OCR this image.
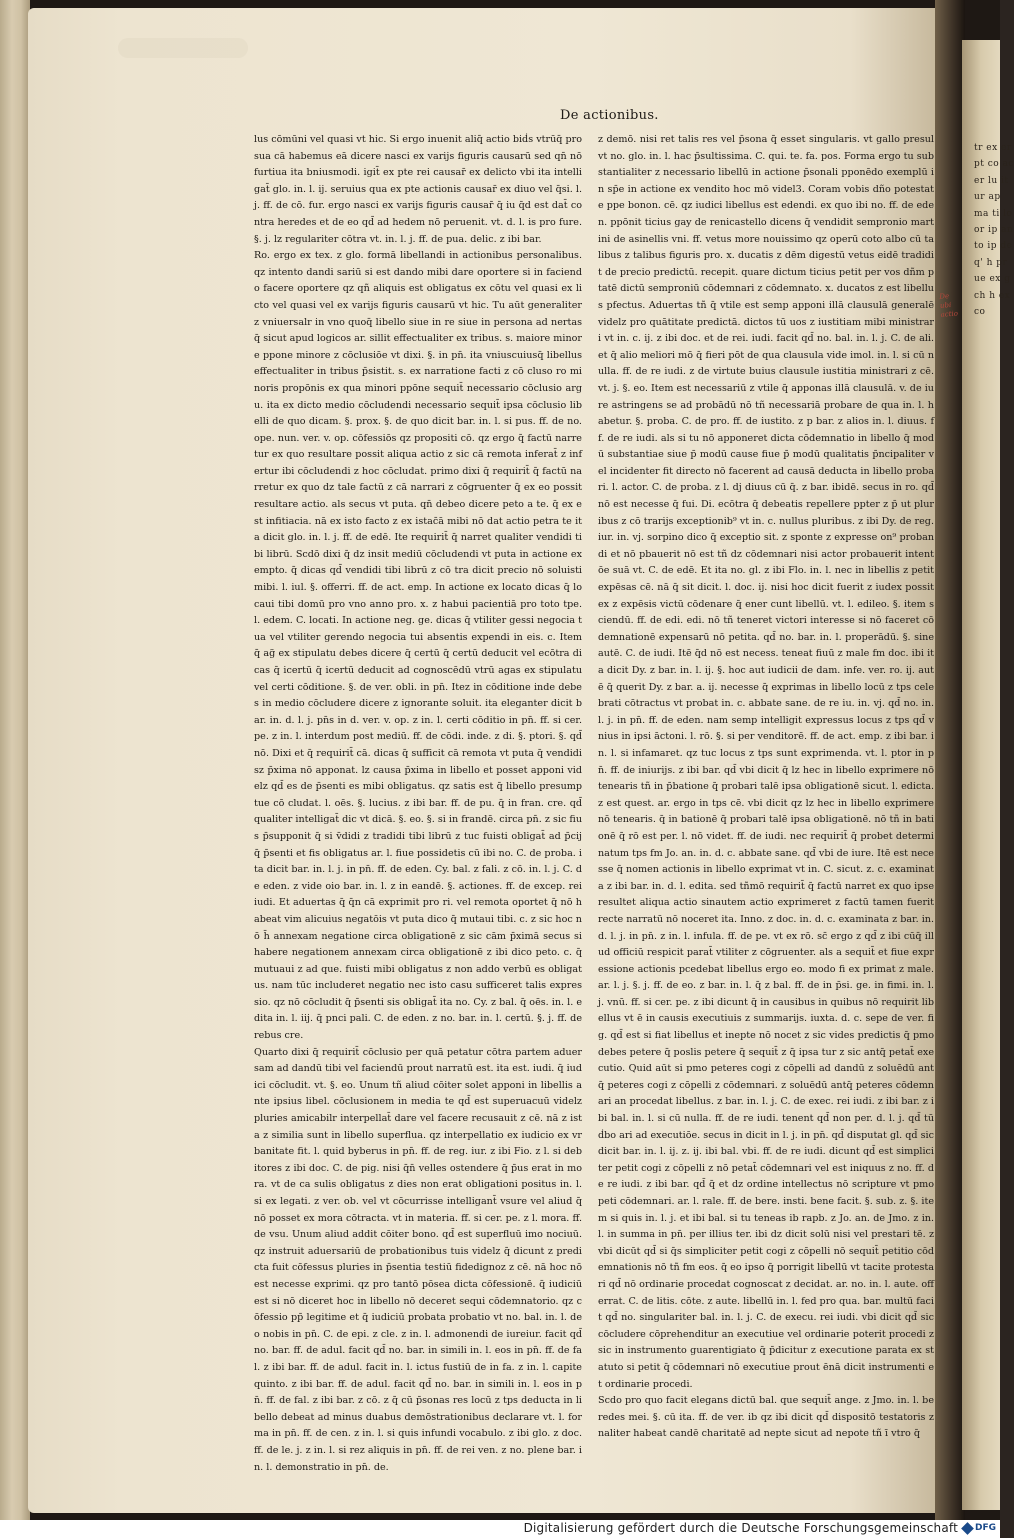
tr ex er pt co ac er lu it ur ap ma ti lo or ip an to ip de q' h pr ue ex g ch h ex co
De actionibus.

lus cōmūni vel quasi vt hic. Si ergo inuenit aliq̄ actio biḋs vtrūq̄ pro sua cā habemus eā dicere nasci ex varijs figuris causarū sed qn̄ nō furtiua ita bniusmodi. igit̄ ex pte rei causar̄ ex delicto vbi ita intelligat̄ glo. in. l. ij. seruius qua ex pte actionis causar̄ ex diuo vel q̄si. l. j. ff. de cō. fur. ergo nasci ex varijs figuris causar̄ q̄ iu q̄d est dat̄ contra heredes et de eo qd̄ ad hedem nō peruenit. vt. d. l. is pro fure. §. j. lz regulariter cōtra vt. in. l. j. ff. de pua. delic. z ibi bar.

Ro. ergo ex tex. z glo. formā libellandi in actionibus personalibus. qz intento dandi sariū si est dando mibi dare oportere si in faciendo facere oportere qz qñ aliquis est obligatus ex cōtu vel quasi ex licto vel quasi vel ex varijs figuris causarū vt hic. Tu aūt generaliter z vniuersalr in vno quoq̄ libello siue in re siue in persona ad nertas q̄ sicut apud logicos ar. sillit effectualiter ex tribus. s. maiore minore ppone minore z cōclusiōe vt dixi. §. in pn̄. ita vniuscuiusq̄ libellus effectualiter in tribus p̄sistit. s. ex narratione facti z cō cluso ro minoris propōnis ex qua minori ppōne sequit̄ necessario cōclusio argu. ita ex dicto medio cōcludendi necessario sequit̄ ipsa cōclusio libelli de quo dicam. §. prox. §. de quo dicit bar. in. l. si pus. ff. de no. ope. nun. ver. v. op. cōfessiōs qz propositi cō. qz ergo q̄ factū narretur ex quo resultare possit aliqua actio z sic cā remota inferat̄ z infertur ibi cōcludendi z hoc cōcludat. primo dixi q̄ requirit̄ q̄ factū narretur ex quo dz tale factū z cā narrari z cōgruenter q̄ ex eo possit resultare actio. als secus vt puta. qn̄ debeo dicere peto a te. q̄ ex est infitiacia. nā ex isto facto z ex istac̄ā mibi nō dat actio petra te ita dicit glo. in. l. j. ff. de edē. Ite requirit̄ q̄ narret qualiter vendidi tibi librū. Scdō dixi q̄ dz insit mediū cōcludendi vt puta in actione exempto. q̄ dicas qd̄ vendidi tibi librū z cō tra dicit precio nō soluisti mibi. l. iul. §. offerri. ff. de act. emp. In actione ex locato dicas q̄ locaui tibi domū pro vno anno pro. x. z habui pacientiā pro toto tpe. l. edem. C. locati. In actione neg. ge. dicas q̄ vtiliter gessi negocia tua vel vtiliter gerendo negocia tui absentis expendi in eis. c. Item q̄ ag̃ ex stipulatu debes dicere q̄ certū q̄ certū deducit vel ecōtra dicas q̄ icertū q̄ icertū deducit ad cognoscēdū vtrū agas ex stipulatu vel certi cōditione. §. de ver. obli. in pn̄. Itez in cōditione inde debes in medio cōcludere dicere z ignorante soluit. ita eleganter dicit bar. in. d. l. j. pn̄s in d. ver. v. op. z in. l. certi cōditio in pn̄. ff. si cer. pe. z in. l. interdum post mediū. ff. de cōdi. inde. z di. §. ptori. §. qd̄ nō. Dixi et q̄ requirit̄ cā. dicas q̄ sufficit cā remota vt puta q̄ vendidi sz p̄xima nō apponat. lz causa p̄xima in libello et posset apponi videlz qd̄ es de p̄senti es mibi obligatus. qz satis est q̄ libello presumptue cō cludat. l. oēs. §. lucius. z ibi bar. ff. de pu. q̄ in fran. cre. qd̄ qualiter intelligat̄ dic vt dicā. §. eo. §. si in frandē. circa pn̄. z sic fius p̄supponit q̄ si v̄didi z tradidi tibi librū z tuc fuisti obligat̄ ad p̄cij q̄ p̄senti et fis obligatus ar. l. fiue possidetis cū ibi no. C. de proba. ita dicit bar. in. l. j. in pn̄. ff. de eden. Cy. bal. z fali. z cō. in. l. j. C. de eden. z vide oio bar. in. l. z in eandē. §. actiones. ff. de excep. rei iudi. Et aduertas q̄ q̄n cā exprimit pro ri. vel remota oportet q̄ nō habeat vim alicuius negatōis vt puta dico q̄ mutaui tibi. c. z sic hoc nō h̄ annexam negatione circa obligationē z sic cām p̄ximā secus si habere negationem annexam circa obligationē z ibi dico peto. c. q̄ mutuaui z ad que. fuisti mibi obligatus z non addo verbū es obligatus. nam tūc includeret negatio nec isto casu sufficeret talis expressio. qz nō cōcludit q̄ p̄senti sis obligat̄ ita no. Cy. z bal. q̄ oēs. in. l. edita in. l. iij. q̄ pnci pali. C. de eden. z no. bar. in. l. certū. §. j. ff. de rebus cre.

Quarto dixi q̄ requirit̄ cōclusio per quā petatur cōtra partem aduersam ad dandū tibi vel faciendū prout narratū est. ita est. iudi. q̄ iudici cōcludit. vt. §. eo. Unum tñ aliud cōiter solet apponi in libellis ante ipsius libel. cōclusionem in media te qd̄ est superuacuū videlz pluries amicabilr interpellat̄ dare vel facere recusauit z cē. nā z ista z similia sunt in libello superflua. qz interpellatio ex iudicio ex vrbanitate fit. l. quid byberus in pn̄. ff. de reg. iur. z ibi Fio. z l. si debitores z ibi doc. C. de pig. nisi q̄n̄ velles ostendere q̄ p̄us erat in mora. vt de ca sulis obligatus z dies non erat obligationi positus in. l. si ex legati. z ver. ob. vel vt cōcurrisse intelligant̄ vsure vel aliud q̄ nō posset ex mora cōtracta. vt in materia. ff. si cer. pe. z l. mora. ff. de vsu. Unum aliud addit cōiter bono. qd̄ est superfluū imo nociuū. qz instruit aduersariū de probationibus tuis videlz q̄ dicunt z predicta fuit cōfessus pluries in p̄sentia testiū fidedignoz z cē. nā hoc nō est necesse exprimi. qz pro tantō pōsea dicta cōfessionē. q̄ iudiciū est si nō diceret hoc in libello nō deceret sequi cōdemnatorio. qz cōfessio pp̄ legitime et q̄ iudiciū probata probatio vt no. bal. in. l. deo nobis in pn̄. C. de epi. z cle. z in. l. admonendi de iureiur. facit qd̄ no. bar. ff. de adul. facit qd̄ no. bar. in simili in. l. eos in pn̄. ff. de fal. z ibi bar. ff. de adul. facit in. l. ictus fustiū de in fa. z in. l. capite quinto. z ibi bar. ff. de adul. facit qd̄ no. bar. in simili in. l. eos in pn̄. ff. de fal. z ibi bar. z cō. z q̄ cū p̄sonas res locū z tps deducta in libello debeat ad minus duabus demōstrationibus declarare vt. l. forma in pn̄. ff. de cen. z in. l. si quis infundi vocabulo. z ibi glo. z doc. ff. de le. j. z in. l. si rez aliquis in pn̄. ff. de rei ven. z no. plene bar. in. l. demonstratio in pn̄. de.

z demō. nisi ret talis res vel p̄sona q̄ esset singularis. vt gallo presul vt no. glo. in. l. hac p̄sultissima. C. qui. te. fa. pos. Forma ergo tu substantialiter z necessario libellū in actione p̄sonali pponēdo exemplū in sp̄e in actione ex vendito hoc mō videl3. Coram vobis dño potestate ppe bonon. cē. qz iudici libellus est edendi. ex quo ibi no. ff. de eden. ppōnit ticius gay de renicastello dicens q̄ vendidit sempronio martini de asinellis vni. ff. vetus more nouissimo qz operū coto albo cū talibus z talibus figuris pro. x. ducatis z dēm digestū vetus eidē tradidit de precio predictū. recepit. quare dictum ticius petit per vos dñm ptatē dictū semproniū cōdemnari z cōdemnato. x. ducatos z est libellus pfectus. Aduertas tñ q̄ vtile est semp apponi illā clausulā generalē videlz pro quātitate predictā. dictos tū uos z iustitiam mibi ministrari vt in. c. ij. z ibi doc. et de rei. iudi. facit qd̄ no. bal. in. l. j. C. de ali. et q̄ alio meliori mō q̄ fieri pōt de qua clausula vide imol. in. l. si cū nulla. ff. de re iudi. z de virtute buius clausule iustitia ministrari z cē. vt. j. §. eo. Item est necessariū z vtile q̄ apponas illā clausulā. v. de iure astringens se ad probādū nō tñ necessariā probare de qua in. l. habetur. §. proba. C. de pro. ff. de iustito. z p bar. z alios in. l. diuus. ff. de re iudi. als si tu nō apponeret dicta cōdemnatio in libello q̄ modū substantiae siue p̄ modū cause fiue p̄ modū qualitatis p̄ncipaliter vel incidenter fit directo nō facerent ad causā deducta in libello probari. l. actor. C. de proba. z l. dj diuus cū q̄. z bar. ibidē. secus in ro. qd̄ nō est necesse q̄ fui. Di. ecōtra q̄ debeatis repellere ppter z p̄ ut pluribus z cō trarijs exceptionib⁹ vt in. c. nullus pluribus. z ibi Dy. de reg. iur. in. vj. sorpino dico q̄ exceptio sit. z sponte z expresse on⁹ probandi et nō pbauerit nō est tñ dz cōdemnari nisi actor probauerit intentōe suā vt. C. de edē. Et ita no. gl. z ibi Flo. in. l. nec in libellis z petit expēsas cē. nā q̄ sit dicit. l. doc. ij. nisi hoc dicit fuerit z iudex possit ex z expēsis victū cōdenare q̄ ener cunt libellū. vt. l. edileo. §. item sciendū. ff. de edi. edi. nō tñ teneret victori interesse si nō faceret cōdemnationē expensarū nō petita. qd̄ no. bar. in. l. properādū. §. sine autē. C. de iudi. Itē q̄d nō est necess. teneat fiuū z male fm doc. ibi ita dicit Dy. z bar. in. l. ij. §. hoc aut iudicii de dam. infe. ver. ro. ij. autē q̄ querit Dy. z bar. a. ij. necesse q̄ exprimas in libello locū z tps celebrati cōtractus vt probat in. c. abbate sane. de re iu. in. vj. qd̄ no. in. l. j. in pn̄. ff. de eden. nam semp intelligit expressus locus z tps qd̄ vnius in ipsi āctoni. l. rō. §. si per venditorē. ff. de act. emp. z ibi bar. in. l. si infamaret. qz tuc locus z tps sunt exprimenda. vt. l. ptor in pn̄. ff. de iniurijs. z ibi bar. qd̄ vbi dicit q̄ lz hec in libello exprimere nō tenearis tñ in p̄batione q̄ probari talē ipsa obligationē sicut. l. edicta. z est quest. ar. ergo in tps cē. vbi dicit qz lz hec in libello exprimere nō tenearis. q̄ in bationē q̄ probari talē ipsa obligationē. nō tñ in bationē q̄ rō est per. l. nō videt. ff. de iudi. nec requirit̄ q̄ probet determinatum tps fm Jo. an. in. d. c. abbate sane. qd̄ vbi de iure. Itē est necesse q̄ nomen actionis in libello exprimat vt in. C. sicut. z. c. examinata z ibi bar. in. d. l. edita. sed tñmō requirit̄ q̄ factū narret ex quo ipse resultet aliqua actio sinautem actio exprimeret z factū tamen fuerit recte narratū nō noceret ita. Inno. z doc. in. d. c. examinata z bar. in. d. l. j. in pn̄. z in. l. infula. ff. de pe. vt ex rō. sc̄ ergo z qd̄ z ibi cūq̄ illud officiū respicit parat̄ vtiliter z cōgruenter. als a sequit̄ et fiue expressione actionis pcedebat libellus ergo eo. modo fi ex primat z male. ar. l. j. §. j. ff. de eo. z bar. in. l. q̄ z bal. ff. de in p̄si. ge. in fimi. in. l. j. vnū. ff. si cer. pe. z ibi dicunt q̄ in causibus in quibus nō requirit libellus vt ē in causis executiuis z summarijs. iuxta. d. c. sepe de ver. fig. qd̄ est si fiat libellus et inepte nō nocet z sic vides predictis q̄ pmo debes petere q̄ poslis petere q̄ sequit̄ z q̄ ipsa tur z sic antq̄ petat̄ executio. Quid aūt si pmo peteres cogi z cōpelli ad dandū z soluēdū antq̄ peteres cogi z cōpelli z cōdemnari. z soluēdū antq̄ peteres cōdemnari an procedat libellus. z bar. in. l. j. C. de exec. rei iudi. z ibi bar. z ibi bal. in. l. si cū nulla. ff. de re iudi. tenent qd̄ non per. d. l. j. qd̄ tū ḋbo ari ad executiōe. secus in dicit in l. j. in pn̄. qd̄ disputat gl. qd̄ sic dicit bar. in. l. ij. z. ij. ibi bal. vbi. ff. de re iudi. dicunt qd̄ est simpliciter petit cogi z cōpelli z nō petat̄ cōdemnari vel est iniquus z no. ff. de re iudi. z ibi bar. qd̄ q̄ et dz ordine intellectus nō scripture vt pmo peti cōdemnari. ar. l. rale. ff. de bere. insti. bene facit. §. sub. z. §. item si quis in. l. j. et ibi bal. si tu teneas ib rapb. z Jo. an. de Jmo. z in. l. in summa in pn̄. per illius ter. ibi dz dicit solū nisi vel prestari tē. z vbi dicūt qd̄ si q̄s simpliciter petit cogi z cōpelli nō sequit̄ petitio cōdemnationis nō tñ fm eos. q̄ eo ipso q̄ porrigit libellū vt tacite protestari qd̄ nō ordinarie procedat cognoscat z decidat. ar. no. in. l. aute. offerrat. C. de litis. cōte. z aute. libellū in. l. fed pro qua. bar. multū facit qd̄ no. singulariter bal. in. l. j. C. de execu. rei iudi. vbi dicit qd̄ sic cōcludere cōprehenditur an executiue vel ordinarie poterit procedi z sic in instrumento guarentigiato q̄ p̄dicitur z executione parata ex statuto si petit q̄ cōdemnari nō executiue prout ēnā dicit instrumenti et ordinarie procedi.

Scdo pro quo facit elegans dictū bal. que sequit̄ ange. z Jmo. in. l. beredes mei. §. cū ita. ff. de ver. ib qz ibi dicit qd̄ dispositō testatoris z naliter habeat candē charitatē ad nepte sicut ad nepote tñ ī vtro q̄

De ubi actio
Digitalisierung gefördert durch die Deutsche Forschungsgemeinschaft DFG
